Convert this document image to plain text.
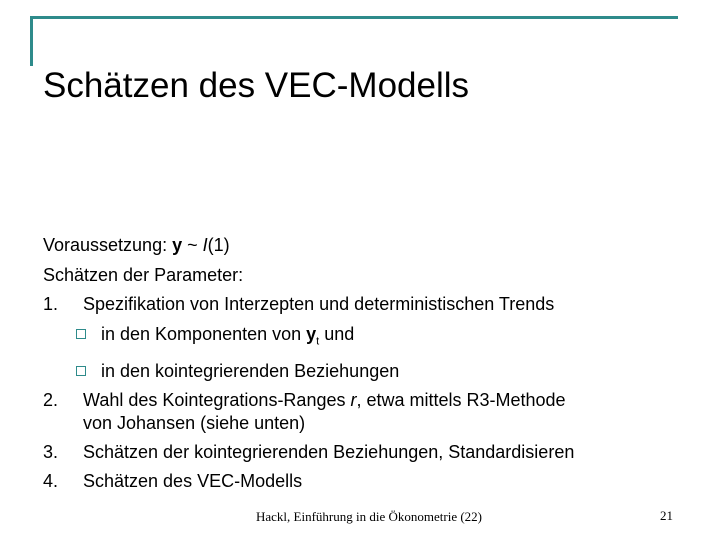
Schätzen des VEC-Modells
Voraussetzung: y ~ I(1)
Schätzen der Parameter:
1. Spezifikation von Interzepten und deterministischen Trends
in den Komponenten von $y_t$ und
in den kointegrierenden Beziehungen
2. Wahl des Kointegrations-Ranges r, etwa mittels R3-Methode
von Johansen (siehe unten)
3. Schätzen der kointegrierenden Beziehungen, Standardisieren
4. Schätzen des VEC-Modells
Hackl, Einführung in die Ökonometrie (22)	21
